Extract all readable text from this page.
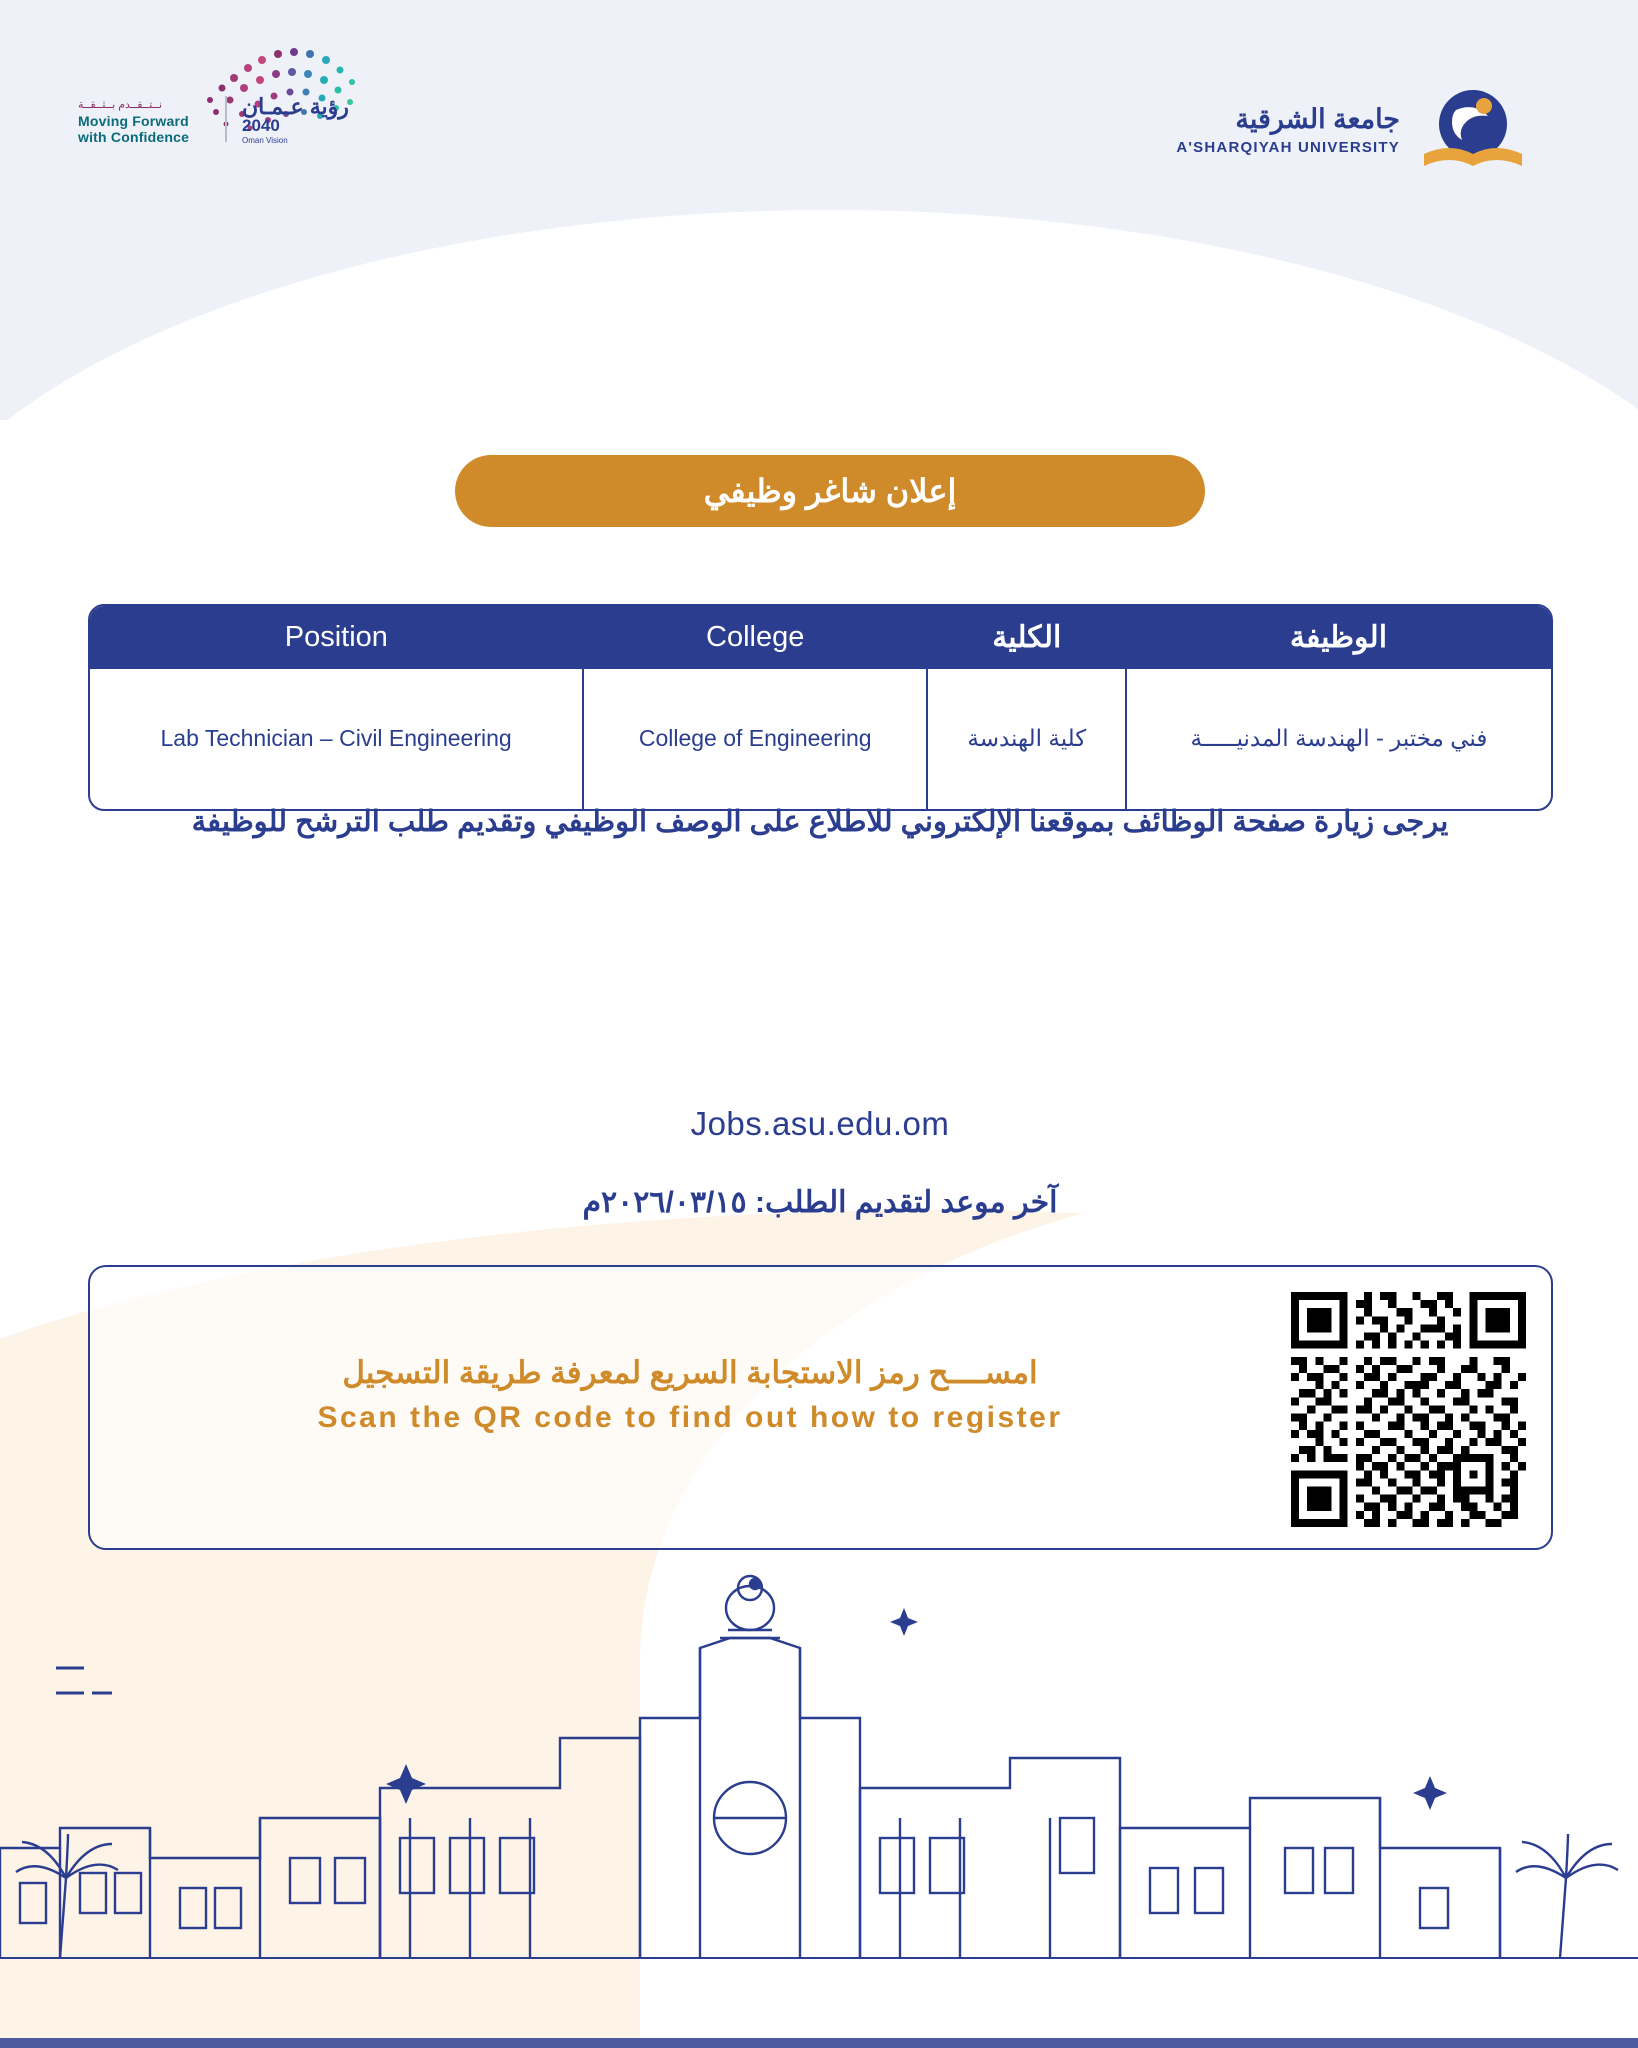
نــتــقــدم بــثــقــة
Moving Forward
with Confidence
رؤية عـمـان
2040
Oman Vision
جامعة الشرقية
A'SHARQIYAH UNIVERSITY
إعلان شاغر وظيفي
الوظيفة	الكلية	College	Position
فني مختبر - الهندسة المدنيـــــة	كلية الهندسة	College of Engineering	Lab Technician – Civil Engineering
يرجى زيارة صفحة الوظائف بموقعنا الإلكتروني للاطلاع على الوصف الوظيفي وتقديم طلب الترشح للوظيفة
Jobs.asu.edu.om
آخر موعد لتقديم الطلب: ٢٠٢٦/٠٣/١٥م
امســــح رمز الاستجابة السريع لمعرفة طريقة التسجيل
Scan the QR code to find out how to register
